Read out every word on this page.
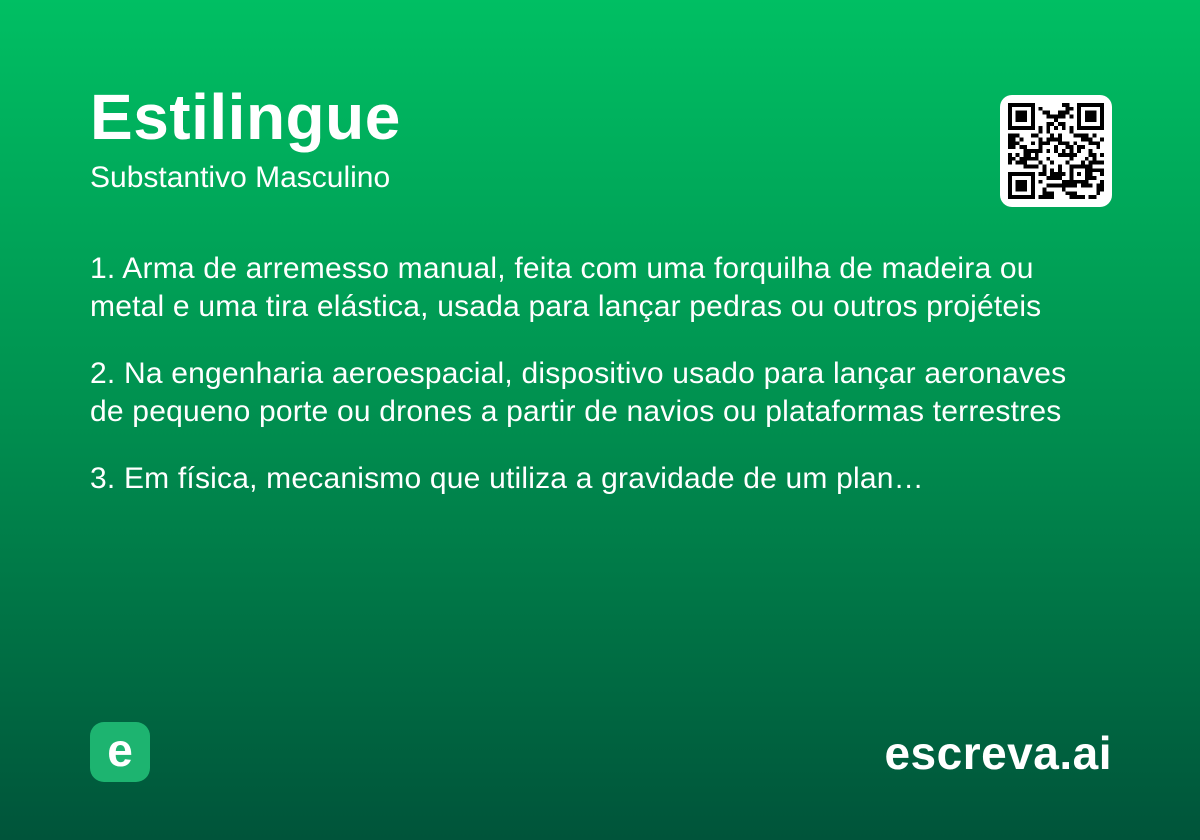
Estilingue

Substantivo Masculino

1. Arma de arremesso manual, feita com uma forquilha de madeira ou metal e uma tira elástica, usada para lançar pedras ou outros projéteis

2. Na engenharia aeroespacial, dispositivo usado para lançar aeronaves de pequeno porte ou drones a partir de navios ou plataformas terrestres

3. Em física, mecanismo que utiliza a gravidade de um plan…

e	escreva.ai
